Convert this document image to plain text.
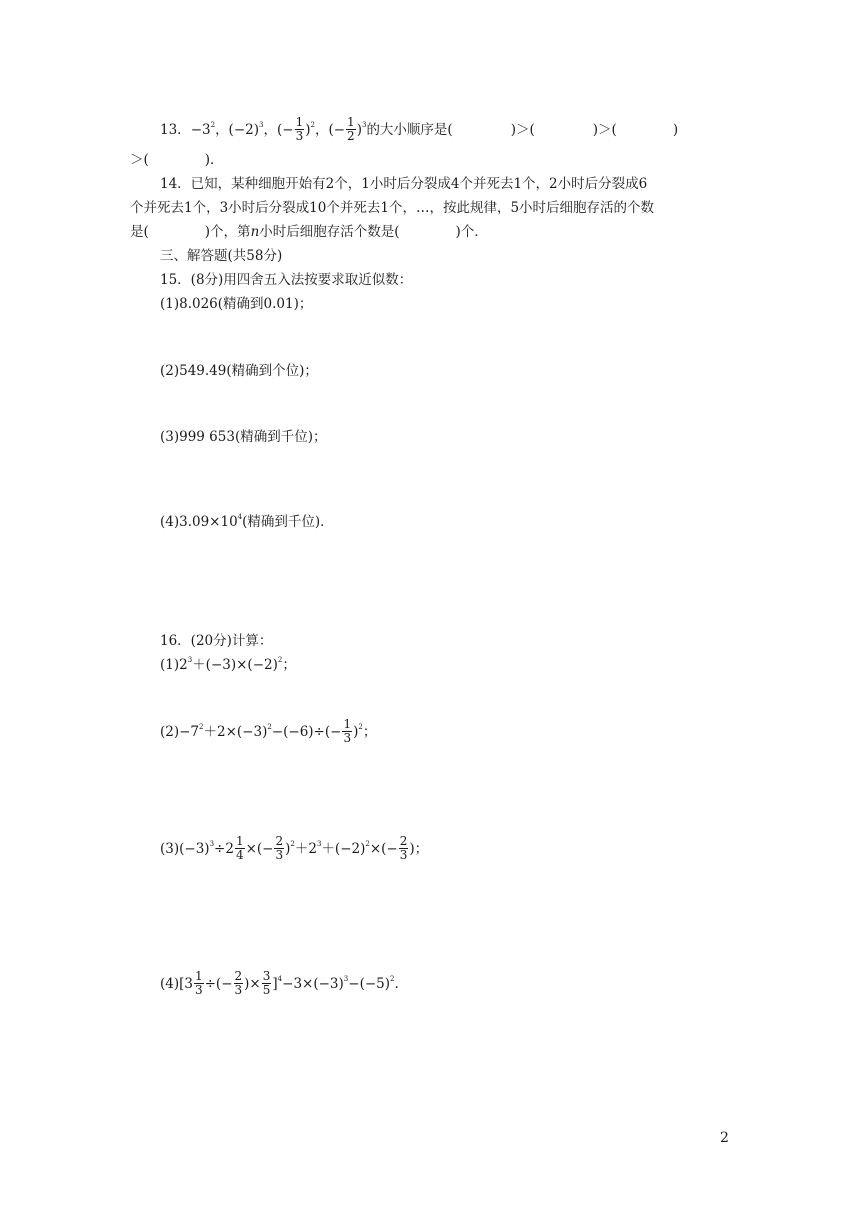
13．$-3^2$，$(-2)^3$，(− $\frac{1}{3} )^2$，(− $\frac{1}{2} )^3$的大小顺序是(	)＞(	)＞(	)
＞(	)．
14．已知，某种细胞开始有2个，1小时后分裂成4个并死去1个，2小时后分裂成6
个并死去1个，3小时后分裂成10个并死去1个，…，按此规律，5小时后细胞存活的个数
是(	)个，第n小时后细胞存活个数是(	)个．
三、解答题(共58分)
15．(8分)用四舍五入法按要求取近似数：
(1)8.026(精确到0.01)；
(2)549.49(精确到个位)；
(3)999 653(精确到千位)；
$(4)3.09\times 10^4$(精确到千位)．
16．(20分)计算：
$(1)2^3+(-3)\times(-2)^2$；
$(2)-7^2+2\times(-3)^2-(-6)\div(- \frac{1}{3} )^2$；
$(3)(-3)^3\div 2 \frac{1}{4}$ ×(− $\frac{2}{3} )^2+2^3+(-2)^2\times(- \frac{2}{3}$ )；
$(4)[3 \frac{1}{3}$ ÷(− $\frac{2}{3}$ )× $\frac{3}{5} ]^4-3\times(-3)^3-(-5)^2$.
2
